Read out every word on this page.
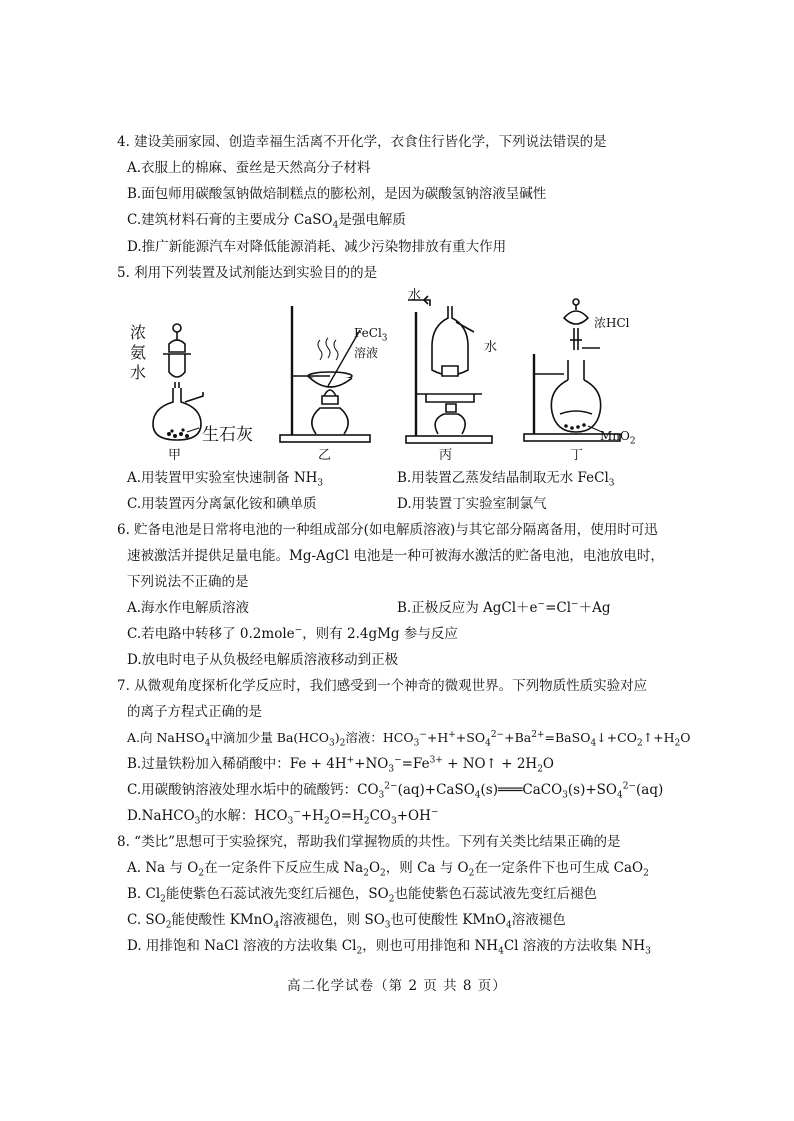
4. 建设美丽家园、创造幸福生活离不开化学，衣食住行皆化学，下列说法错误的是
A.衣服上的棉麻、蚕丝是天然高分子材料
B.面包师用碳酸氢钠做焙制糕点的膨松剂，是因为碳酸氢钠溶液呈碱性
C.建筑材料石膏的主要成分 CaSO$_4$是强电解质
D.推广新能源汽车对降低能源消耗、减少污染物排放有重大作用
5. 利用下列装置及试剂能达到实验目的的是
浓
氨
水
生石灰
甲
FeCl$_3$
溶液
乙
水
水
丙
浓HCl
MnO$_2$
丁
A.用装置甲实验室快速制备 $NH_3$	B.用装置乙蒸发结晶制取无水 FeCl$_3$
C.用装置丙分离氯化铵和碘单质	D.用装置丁实验室制氯气
6. 贮备电池是日常将电池的一种组成部分(如电解质溶液)与其它部分隔离备用，使用时可迅
速被激活并提供足量电能。Mg-AgCl 电池是一种可被海水激活的贮备电池，电池放电时，
下列说法不正确的是
A.海水作电解质溶液	B.正极反应为 AgCl＋e−=Cl−＋Ag
C.若电路中转移了 0.2mole−，则有 2.4gMg 参与反应
D.放电时电子从负极经电解质溶液移动到正极
7. 从微观角度探析化学反应时，我们感受到一个神奇的微观世界。下列物质性质实验对应
的离子方程式正确的是
A.向 NaHSO$_4$中滴加少量 $Ba(HCO_3)_2$溶液：$HCO_3^-+H^++SO_4^{2-}+Ba^{2+}=BaSO_4↓+CO_2↑+H_2O$
B.过量铁粉加入稀硝酸中：$Fe + 4H^++NO_3^-=Fe^{3+}$ + NO↑ + $2H_2O$
C.用碳酸钠溶液处理水垢中的硫酸钙：$CO_3^{2-}(aq)+CaSO_4(s)═══CaCO_3(s)+SO_4^{2-}(aq)$
D.NaHCO$_3$的水解：$HCO_3^-+H_2O=H_2CO_3+OH^-$
8. “类比”思想可于实验探究，帮助我们掌握物质的共性。下列有关类比结果正确的是
A. Na 与 $O_2$在一定条件下反应生成 $Na_2O_2$，则 Ca 与 $O_2$在一定条件下也可生成 CaO$_2$
B. $Cl_2$能使紫色石蕊试液先变红后褪色，$SO_2$也能使紫色石蕊试液先变红后褪色
C. $SO_2$能使酸性 KMnO$_4$溶液褪色，则 $SO_3$也可使酸性 KMnO$_4$溶液褪色
D. 用排饱和 NaCl 溶液的方法收集 $Cl_2$，则也可用排饱和 $NH_4Cl$ 溶液的方法收集 $NH_3$
高二化学试卷（第 2 页 共 8 页）
